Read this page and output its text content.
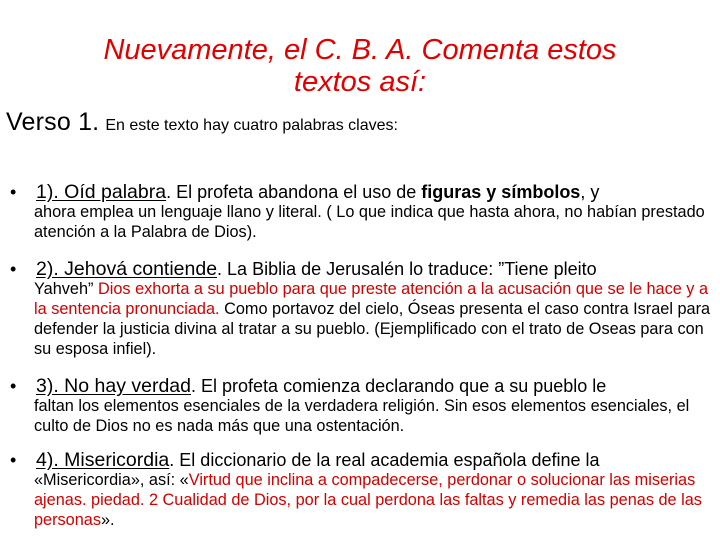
Nuevamente, el C. B. A. Comenta estos
textos así:
Verso 1. En este texto hay cuatro palabras claves:
• 1). Oíd palabra. El profeta abandona el uso de figuras y símbolos, y
ahora emplea un lenguaje llano y literal. ( Lo que indica que hasta ahora, no habían prestado atención a la Palabra de Dios).
• 2). Jehová contiende. La Biblia de Jerusalén lo traduce: ”Tiene pleito
Yahveh” Dios exhorta a su pueblo para que preste atención a la acusación que se le hace y a la sentencia pronunciada. Como portavoz del cielo, Óseas presenta el caso contra Israel para defender la justicia divina al tratar a su pueblo. (Ejemplificado con el trato de Oseas para con su esposa infiel).
• 3). No hay verdad. El profeta comienza declarando que a su pueblo le
faltan los elementos esenciales de la verdadera religión. Sin esos elementos esenciales, el culto de Dios no es nada más que una ostentación.
• 4). Misericordia. El diccionario de la real academia española define la
«Misericordia», así: «Virtud que inclina a compadecerse, perdonar o solucionar las miserias ajenas. piedad. 2 Cualidad de Dios, por la cual perdona las faltas y remedia las penas de las personas».
